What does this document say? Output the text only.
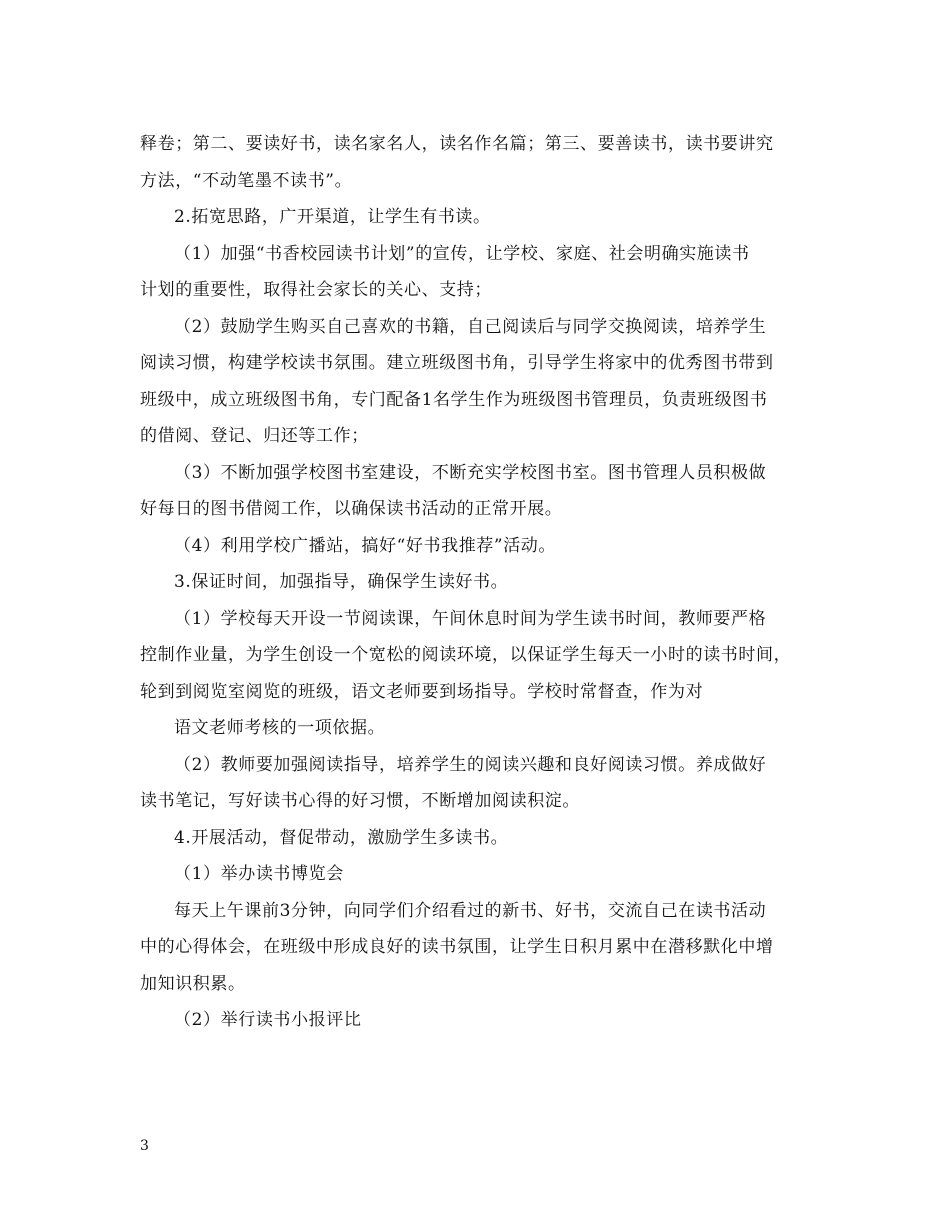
释卷；第二、要读好书，读名家名人，读名作名篇；第三、要善读书，读书要讲究
方法，“不动笔墨不读书”。
2.拓宽思路，广开渠道，让学生有书读。
（1）加强“书香校园读书计划”的宣传，让学校、家庭、社会明确实施读书
计划的重要性，取得社会家长的关心、支持；
（2）鼓励学生购买自己喜欢的书籍，自己阅读后与同学交换阅读，培养学生
阅读习惯，构建学校读书氛围。建立班级图书角，引导学生将家中的优秀图书带到
班级中，成立班级图书角，专门配备1名学生作为班级图书管理员，负责班级图书
的借阅、登记、归还等工作；
（3）不断加强学校图书室建设，不断充实学校图书室。图书管理人员积极做
好每日的图书借阅工作，以确保读书活动的正常开展。
（4）利用学校广播站，搞好“好书我推荐”活动。
3.保证时间，加强指导，确保学生读好书。
（1）学校每天开设一节阅读课，午间休息时间为学生读书时间，教师要严格
控制作业量，为学生创设一个宽松的阅读环境，以保证学生每天一小时的读书时间，
轮到到阅览室阅览的班级，语文老师要到场指导。学校时常督查，作为对
语文老师考核的一项依据。
（2）教师要加强阅读指导，培养学生的阅读兴趣和良好阅读习惯。养成做好
读书笔记，写好读书心得的好习惯，不断增加阅读积淀。
4.开展活动，督促带动，激励学生多读书。
（1）举办读书博览会
每天上午课前3分钟，向同学们介绍看过的新书、好书，交流自己在读书活动
中的心得体会，在班级中形成良好的读书氛围，让学生日积月累中在潜移默化中增
加知识积累。
（2）举行读书小报评比
3
